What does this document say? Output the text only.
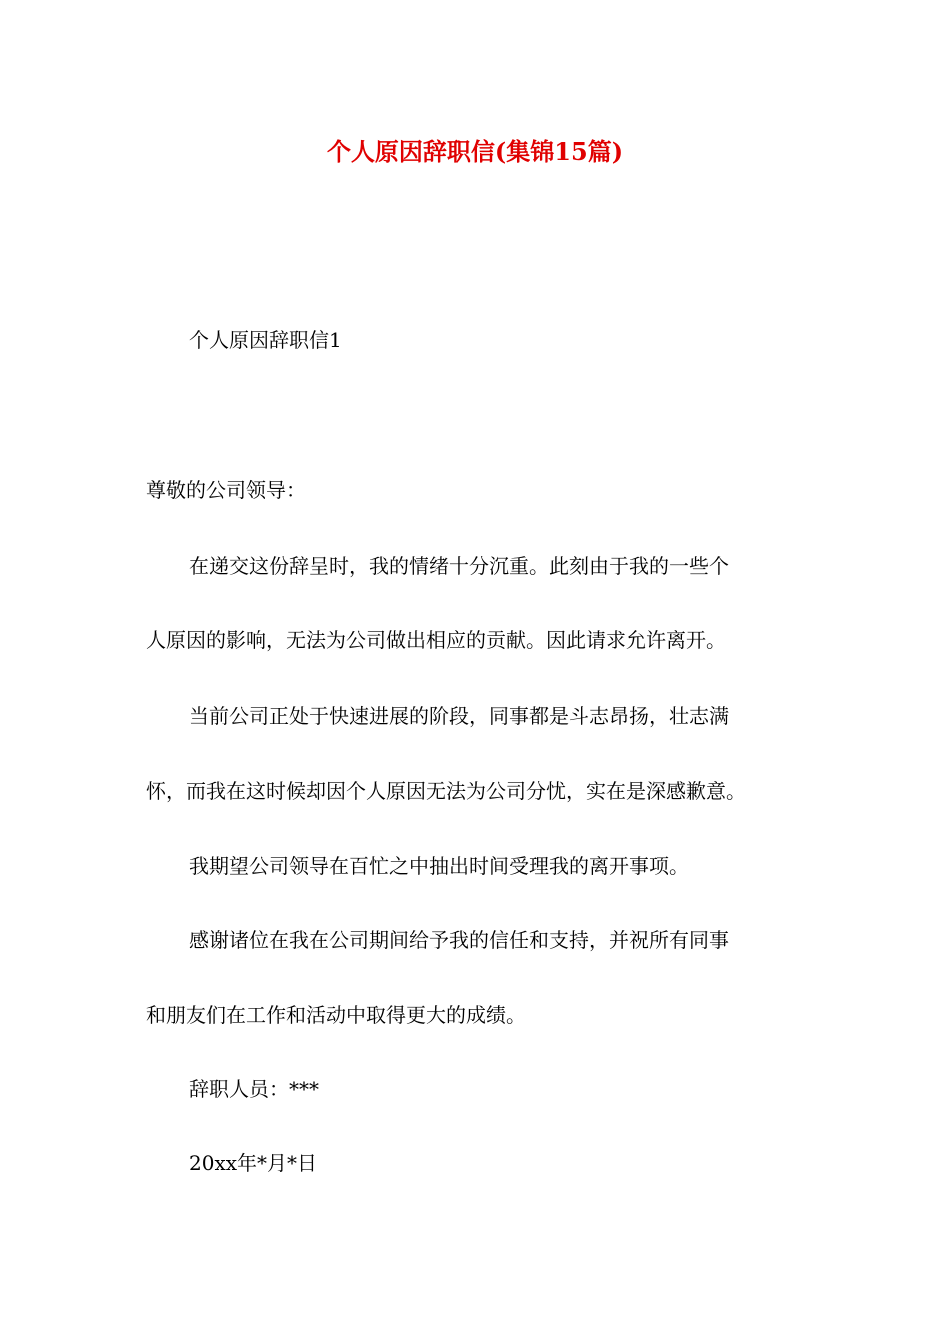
个人原因辞职信(集锦15篇)

个人原因辞职信1

尊敬的公司领导：

在递交这份辞呈时，我的情绪十分沉重。此刻由于我的一些个

人原因的影响，无法为公司做出相应的贡献。因此请求允许离开。

当前公司正处于快速进展的阶段，同事都是斗志昂扬，壮志满

怀，而我在这时候却因个人原因无法为公司分忧，实在是深感歉意。

我期望公司领导在百忙之中抽出时间受理我的离开事项。

感谢诸位在我在公司期间给予我的信任和支持，并祝所有同事

和朋友们在工作和活动中取得更大的成绩。

辞职人员：***

20xx年*月*日
